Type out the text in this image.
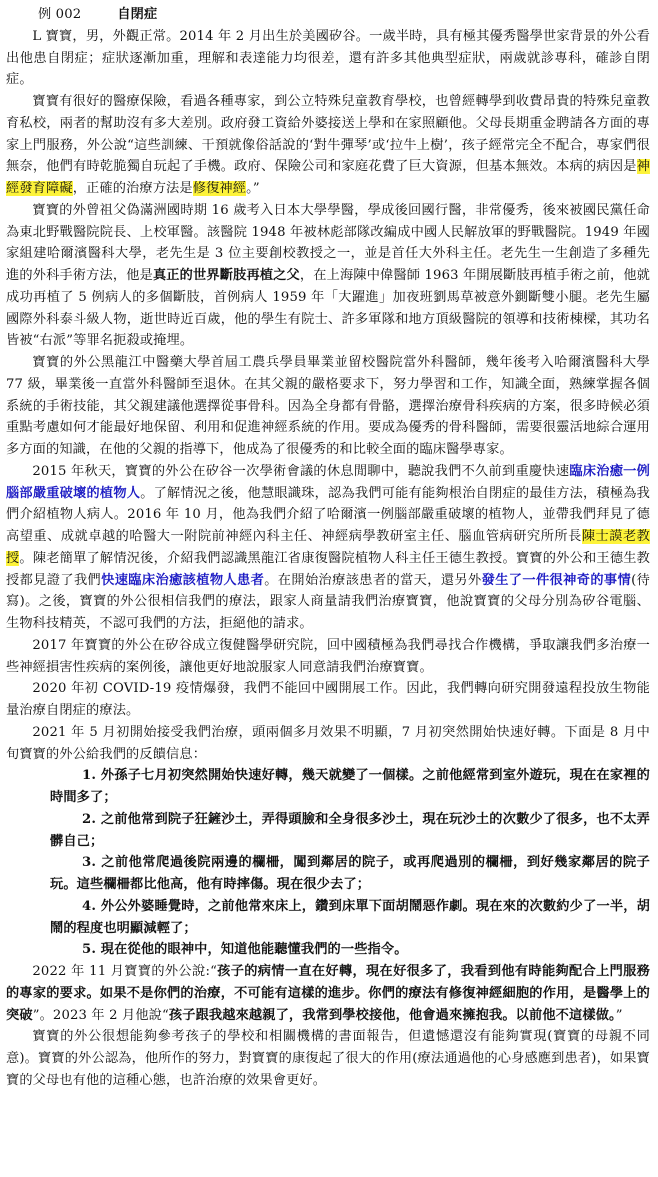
例 002	自閉症

L 寶寶，男，外觀正常。2014 年 2 月出生於美國矽谷。一歲半時，具有極其優秀醫學世家背景的外公看出他患自閉症；症狀逐漸加重，理解和表達能力均很差，還有許多其他典型症狀，兩歲就診專科，確診自閉症。

寶寶有很好的醫療保險，看過各種專家，到公立特殊兒童教育學校，也曾經轉學到收費昂貴的特殊兒童教育私校，兩者的幫助沒有多大差別。政府發工資給外婆接送上學和在家照顧他。父母長期重金聘請各方面的專家上門服務，外公說“這些訓練、干預就像俗話說的‘對牛彈琴’或‘拉牛上樹’，孩子經常完全不配合，專家們很無奈，他們有時乾脆獨自玩起了手機。政府、保險公司和家庭花費了巨大資源，但基本無效。本病的病因是神經發育障礙，正確的治療方法是修復神經。”

寶寶的外曾祖父偽滿洲國時期 16 歲考入日本大學學醫，學成後回國行醫，非常優秀，後來被國民黨任命為東北野戰醫院院長、上校軍醫。該醫院 1948 年被林彪部隊改編成中國人民解放軍的野戰醫院。1949 年國家組建哈爾濱醫科大學，老先生是 3 位主要創校教授之一，並是首任大外科主任。老先生一生創造了多種先進的外科手術方法，他是真正的世界斷肢再植之父，在上海陳中偉醫師 1963 年開展斷肢再植手術之前，他就成功再植了 5 例病人的多個斷肢，首例病人 1959 年「大躍進」加夜班劉馬草被意外鍘斷雙小腿。老先生屬國際外科泰斗級人物，逝世時近百歲，他的學生有院士、許多軍隊和地方頂級醫院的領導和技術棟樑，其功名皆被“右派”等罪名扼殺或掩埋。

寶寶的外公黑龍江中醫藥大學首屆工農兵學員畢業並留校醫院當外科醫師，幾年後考入哈爾濱醫科大學 77 級，畢業後一直當外科醫師至退休。在其父親的嚴格要求下，努力學習和工作，知識全面，熟練掌握各個系統的手術技能，其父親建議他選擇從事骨科。因為全身都有骨骼，選擇治療骨科疾病的方案，很多時候必須重點考慮如何才能最好地保留、利用和促進神經系統的作用。要成為優秀的骨科醫師，需要很靈活地綜合運用多方面的知識，在他的父親的指導下，他成為了很優秀的和比較全面的臨床醫學專家。

2015 年秋天，寶寶的外公在矽谷一次學術會議的休息閒聊中，聽說我們不久前到重慶快速臨床治癒一例腦部嚴重破壞的植物人。了解情況之後，他慧眼識珠，認為我們可能有能夠根治自閉症的最佳方法，積極為我們介紹植物人病人。2016 年 10 月，他為我們介紹了哈爾濱一例腦部嚴重破壞的植物人，並帶我們拜見了德高望重、成就卓越的哈醫大一附院前神經內科主任、神經病學教研室主任、腦血管病研究所所長陳士謨老教授。陳老簡單了解情況後，介紹我們認識黑龍江省康復醫院植物人科主任王德生教授。寶寶的外公和王德生教授都見證了我們快速臨床治癒該植物人患者。在開始治療該患者的當天，還另外發生了一件很神奇的事情(待寫)。之後，寶寶的外公很相信我們的療法，跟家人商量請我們治療寶寶，他說寶寶的父母分別為矽谷電腦、生物科技精英，不認可我們的方法，拒絕他的請求。

2017 年寶寶的外公在矽谷成立復健醫學研究院，回中國積極為我們尋找合作機構，爭取讓我們多治療一些神經損害性疾病的案例後，讓他更好地說服家人同意請我們治療寶寶。

2020 年初 COVID-19 疫情爆發，我們不能回中國開展工作。因此，我們轉向研究開發遠程投放生物能量治療自閉症的療法。

2021 年 5 月初開始接受我們治療，頭兩個多月效果不明顯，7 月初突然開始快速好轉。下面是 8 月中旬寶寶的外公給我們的反饋信息：

1. 外孫子七月初突然開始快速好轉，幾天就變了一個樣。之前他經常到室外遊玩，現在在家裡的時間多了；
2. 之前他常到院子狂鏟沙土，弄得頭臉和全身很多沙土，現在玩沙土的次數少了很多，也不太弄髒自己；
3. 之前他常爬過後院兩邊的欄柵，闖到鄰居的院子，或再爬過別的欄柵，到好幾家鄰居的院子玩。這些欄柵都比他高，他有時摔傷。現在很少去了；
4. 外公外婆睡覺時，之前他常來床上，鑽到床單下面胡鬧惡作劇。現在來的次數約少了一半，胡鬧的程度也明顯減輕了；
5. 現在從他的眼神中，知道他能聽懂我們的一些指令。

2022 年 11 月寶寶的外公說:“孩子的病情一直在好轉，現在好很多了，我看到他有時能夠配合上門服務的專家的要求。如果不是你們的治療，不可能有這樣的進步。你們的療法有修復神經細胞的作用，是醫學上的突破”。2023 年 2 月他說“孩子跟我越來越親了，我常到學校接他，他會過來擁抱我。以前他不這樣做。”

寶寶的外公很想能夠參考孩子的學校和相關機構的書面報告，但遺憾還沒有能夠實現(寶寶的母親不同意)。寶寶的外公認為，他所作的努力，對寶寶的康復起了很大的作用(療法通過他的心身感應到患者)，如果寶寶的父母也有他的這種心態，也許治療的效果會更好。
